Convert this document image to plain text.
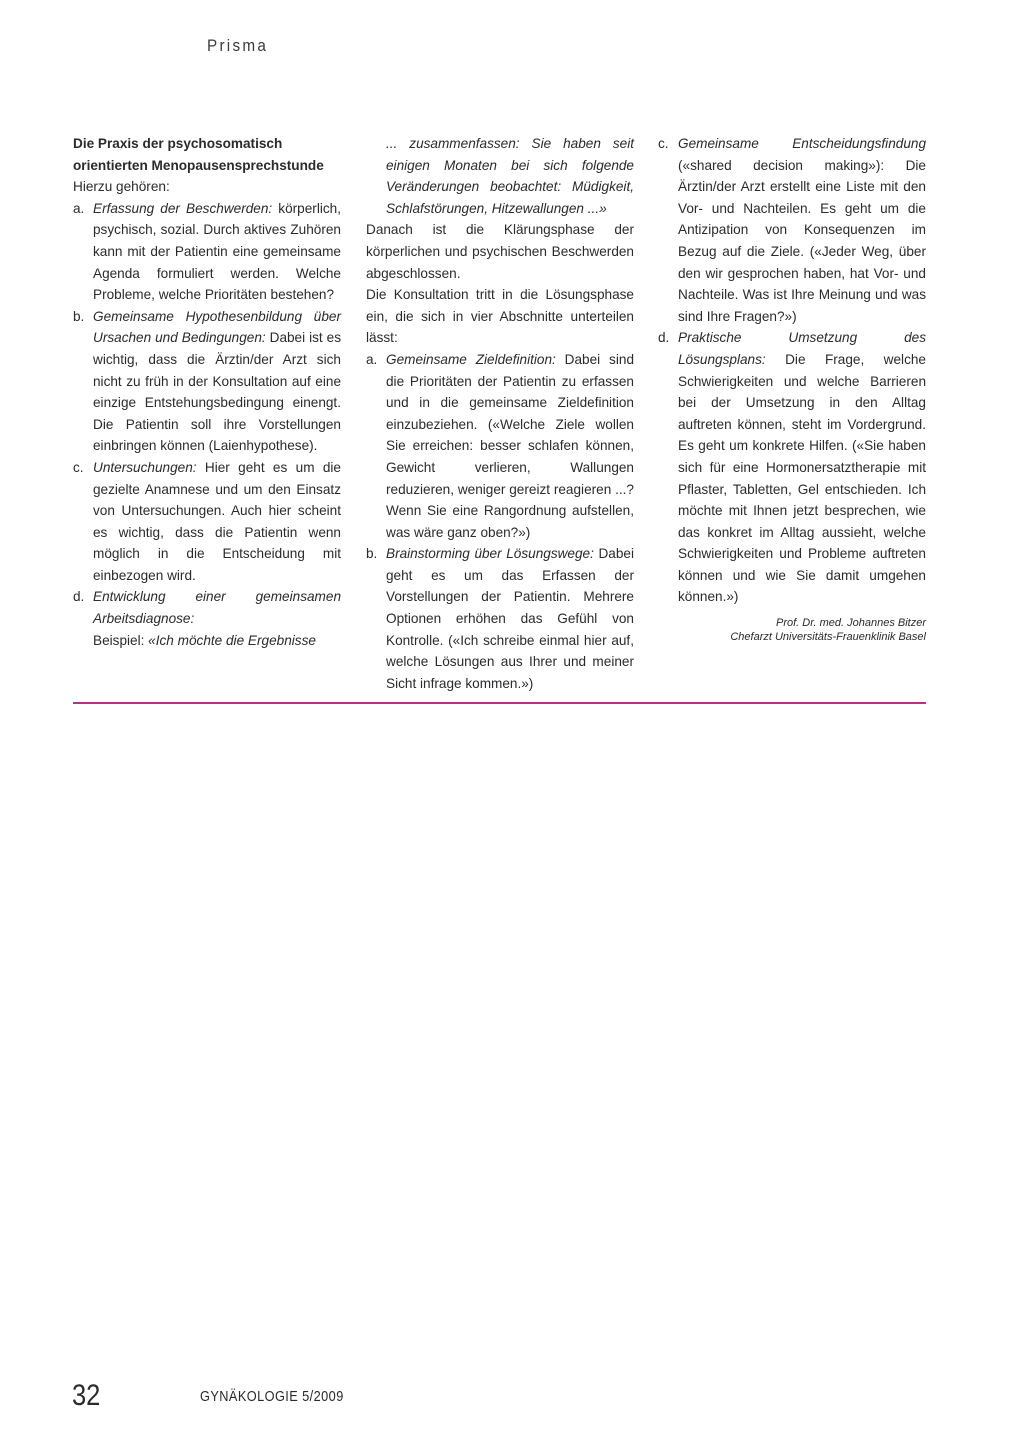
Prisma

Die Praxis der psychosomatisch orientierten Menopausensprechstunde

Hierzu gehören:

a. Erfassung der Beschwerden: körperlich, psychisch, sozial. Durch aktives Zuhören kann mit der Patientin eine gemeinsame Agenda formuliert werden. Welche Probleme, welche Prioritäten bestehen?

b. Gemeinsame Hypothesenbildung über Ursachen und Bedingungen: Dabei ist es wichtig, dass die Ärztin/der Arzt sich nicht zu früh in der Konsultation auf eine einzige Entstehungsbedingung einengt. Die Patientin soll ihre Vorstellungen einbringen können (Laienhypothese).

c. Untersuchungen: Hier geht es um die gezielte Anamnese und um den Einsatz von Untersuchungen. Auch hier scheint es wichtig, dass die Patientin wenn möglich in die Entscheidung mit einbezogen wird.

d. Entwicklung einer gemeinsamen Arbeitsdiagnose:

Beispiel: «Ich möchte die Ergebnisse

... zusammenfassen: Sie haben seit einigen Monaten bei sich folgende Veränderungen beobachtet: Müdigkeit, Schlafstörungen, Hitzewallungen ...»

Danach ist die Klärungsphase der körperlichen und psychischen Beschwerden abgeschlossen.

Die Konsultation tritt in die Lösungsphase ein, die sich in vier Abschnitte unterteilen lässt:

a. Gemeinsame Zieldefinition: Dabei sind die Prioritäten der Patientin zu erfassen und in die gemeinsame Zieldefinition einzubeziehen. («Welche Ziele wollen Sie erreichen: besser schlafen können, Gewicht verlieren, Wallungen reduzieren, weniger gereizt reagieren ...? Wenn Sie eine Rangordnung aufstellen, was wäre ganz oben?»)

b. Brainstorming über Lösungswege: Dabei geht es um das Erfassen der Vorstellungen der Patientin. Mehrere Optionen erhöhen das Gefühl von Kontrolle. («Ich schreibe einmal hier auf, welche Lösungen aus Ihrer und meiner Sicht infrage kommen.»)

c. Gemeinsame Entscheidungsfindung («shared decision making»): Die Ärztin/der Arzt erstellt eine Liste mit den Vor- und Nachteilen. Es geht um die Antizipation von Konsequenzen im Bezug auf die Ziele. («Jeder Weg, über den wir gesprochen haben, hat Vor- und Nachteile. Was ist Ihre Meinung und was sind Ihre Fragen?»)

d. Praktische Umsetzung des Lösungsplans: Die Frage, welche Schwierigkeiten und welche Barrieren bei der Umsetzung in den Alltag auftreten können, steht im Vordergrund. Es geht um konkrete Hilfen. («Sie haben sich für eine Hormonersatztherapie mit Pflaster, Tabletten, Gel entschieden. Ich möchte mit Ihnen jetzt besprechen, wie das konkret im Alltag aussieht, welche Schwierigkeiten und Probleme auftreten können und wie Sie damit umgehen können.»)

Prof. Dr. med. Johannes Bitzer
Chefarzt Universitäts-Frauenklinik Basel
32	GYNÄKOLOGIE 5/2009
